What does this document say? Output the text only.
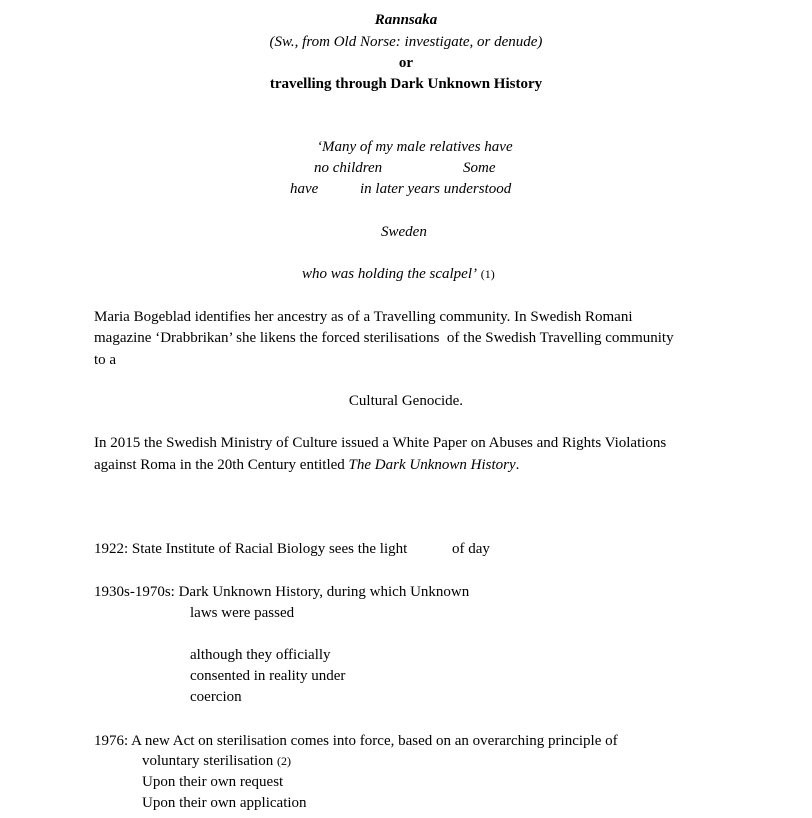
Rannsaka
(Sw., from Old Norse: investigate, or denude)
or
travelling through Dark Unknown History
‘Many of my male relatives have
no children	Some
have	in later years understood
Sweden
who was holding the scalpel’ (1)
Maria Bogeblad identifies her ancestry as of a Travelling community. In Swedish Romani
magazine ‘Drabbrikan’ she likens the forced sterilisations  of the Swedish Travelling community
to a
Cultural Genocide.
In 2015 the Swedish Ministry of Culture issued a White Paper on Abuses and Rights Violations
against Roma in the 20th Century entitled The Dark Unknown History.
1922: State Institute of Racial Biology sees the light	of day
1930s-1970s: Dark Unknown History, during which Unknown
laws were passed
although they officially
consented in reality under
coercion
1976: A new Act on sterilisation comes into force, based on an overarching principle of
voluntary sterilisation (2)
Upon their own request
Upon their own application
